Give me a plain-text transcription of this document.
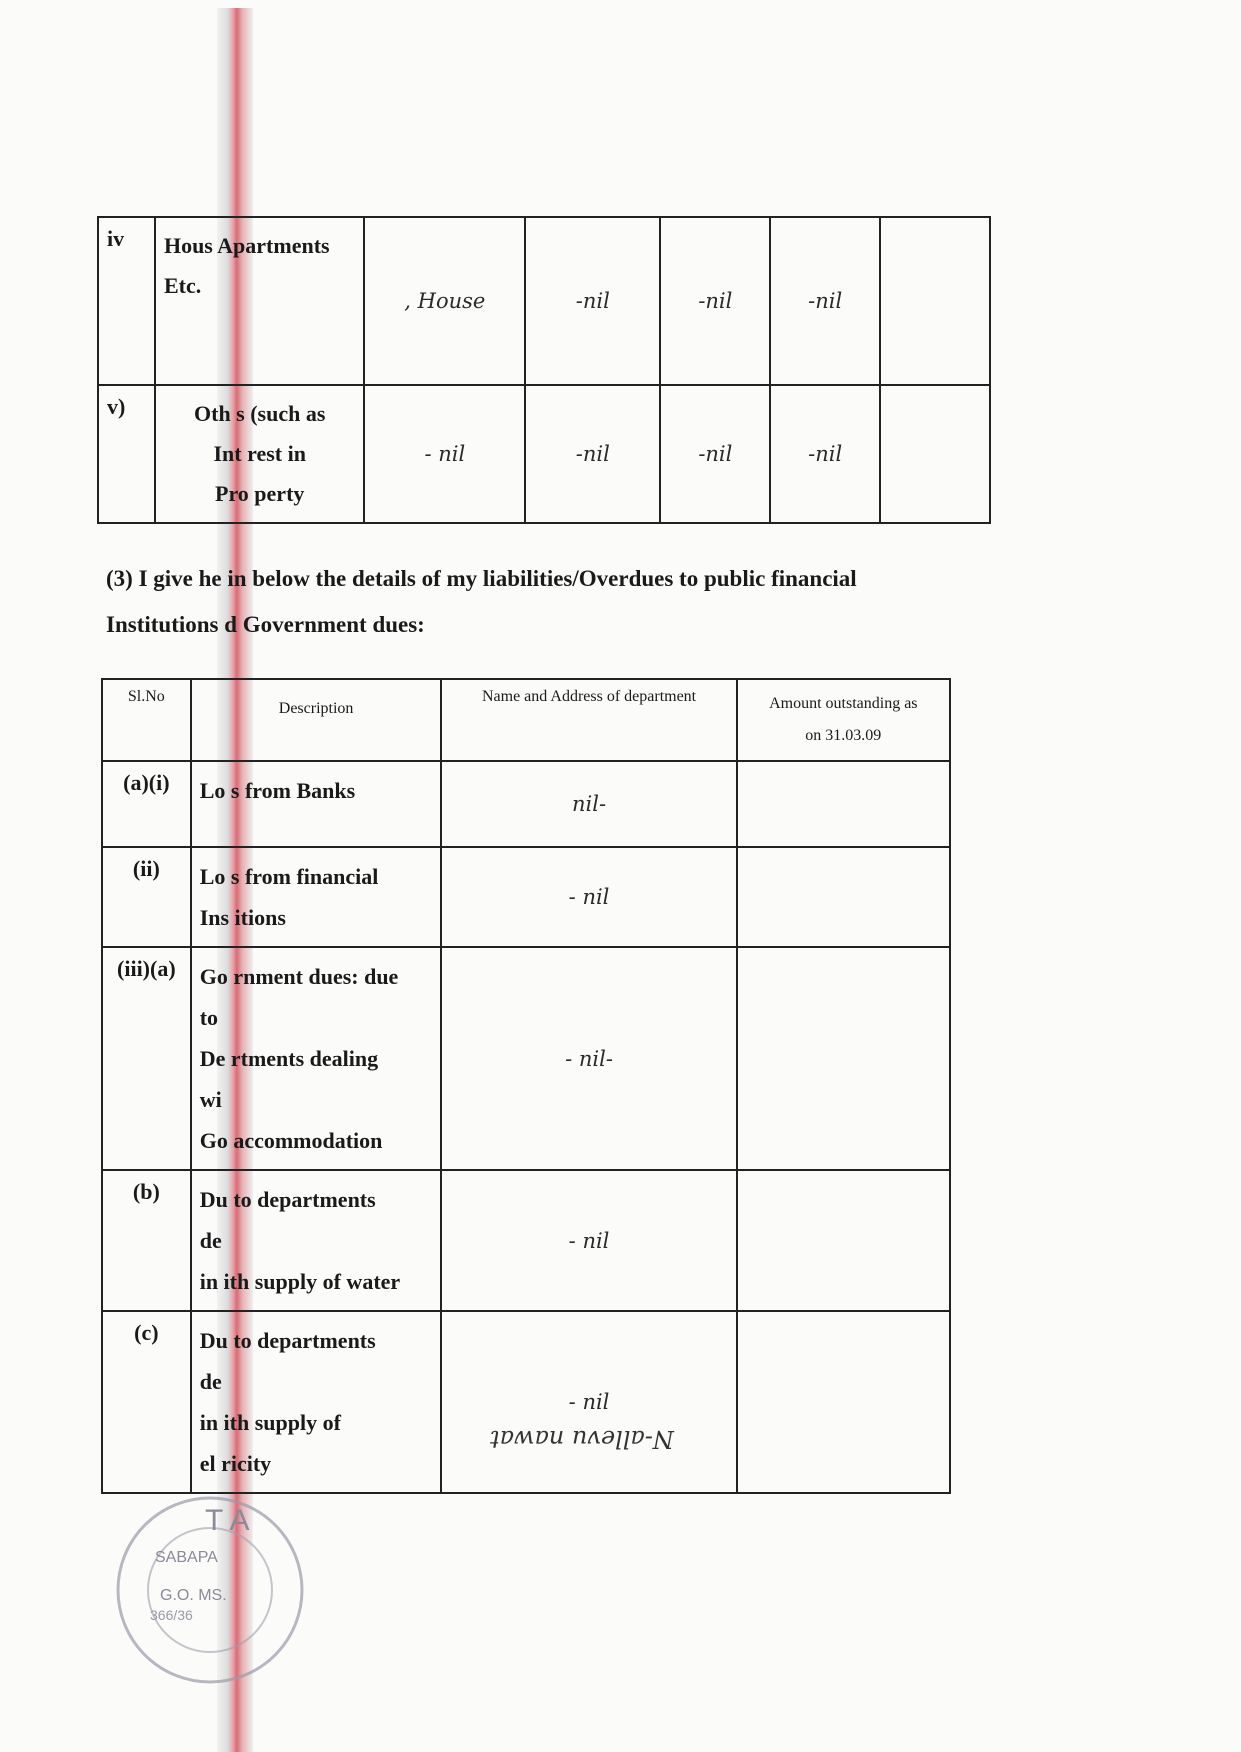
iv	Hous Apartments
Etc.	, House	-nil	-nil	-nil	
v)	Oth s (such as
Int rest in
Pro perty	- nil	-nil	-nil	-nil	
(3) I give he in below the details of my liabilities/Overdues to public financial
Institutions d Government dues:
Sl.No	Description	Name and Address of department	Amount outstanding as
on 31.03.09

(a)(i)	Lo s from Banks	nil-	
(ii)	Lo s from financial
Ins itions	- nil	
(iii)(a)	Go rnment dues: due
to
De rtments dealing
wi
Go accommodation	- nil-	
(b)	Du to departments
de
in ith supply of water	- nil	
(c)	Du to departments
de
in ith supply of
el ricity	- nil	
N-allevu nawat
T A
SABAPA
G.O. MS.
366/36
